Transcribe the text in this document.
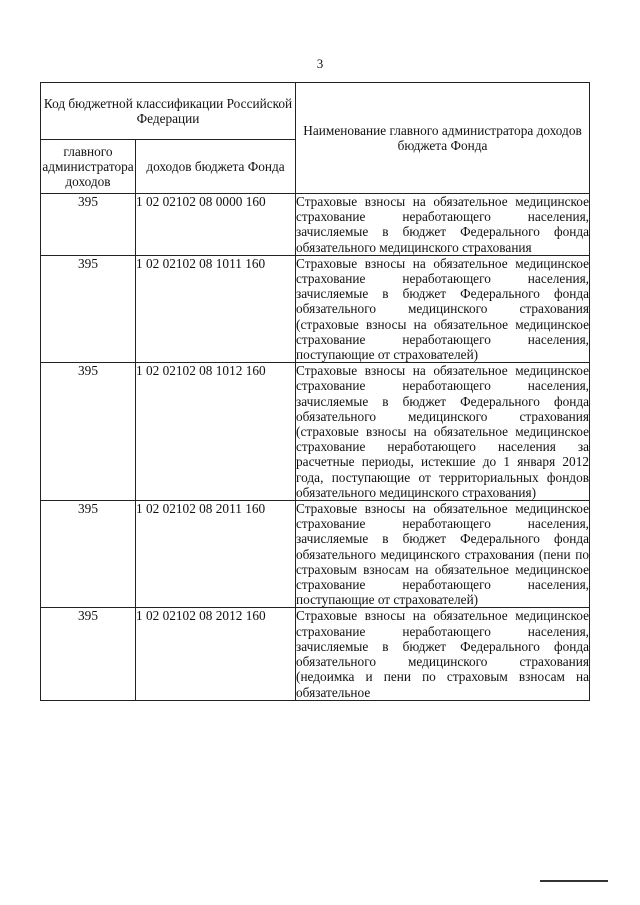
3
Код бюджетной классификации Российской Федерации		Наименование главного администратора доходов бюджета Фонда
главного администратора доходов	доходов бюджета Фонда	
395	1 02 02102 08 0000 160	Страховые взносы на обязательное медицинское страхование неработающего населения, зачисляемые в бюджет Федерального фонда обязательного медицинского страхования
395	1 02 02102 08 1011 160	Страховые взносы на обязательное медицинское страхование неработающего населения, зачисляемые в бюджет Федерального фонда обязательного медицинского страхования (страховые взносы на обязательное медицинское страхование неработающего населения, поступающие от страхователей)
395	1 02 02102 08 1012 160	Страховые взносы на обязательное медицинское страхование неработающего населения, зачисляемые в бюджет Федерального фонда обязательного медицинского страхования (страховые взносы на обязательное медицинское страхование неработающего населения за расчетные периоды, истекшие до 1 января 2012 года, поступающие от территориальных фондов обязательного медицинского страхования)
395	1 02 02102 08 2011 160	Страховые взносы на обязательное медицинское страхование неработающего населения, зачисляемые в бюджет Федерального фонда обязательного медицинского страхования (пени по страховым взносам на обязательное медицинское страхование неработающего населения, поступающие от страхователей)
395	1 02 02102 08 2012 160	Страховые взносы на обязательное медицинское страхование неработающего населения, зачисляемые в бюджет Федерального фонда обязательного медицинского страхования (недоимка и пени по страховым взносам на обязательное
